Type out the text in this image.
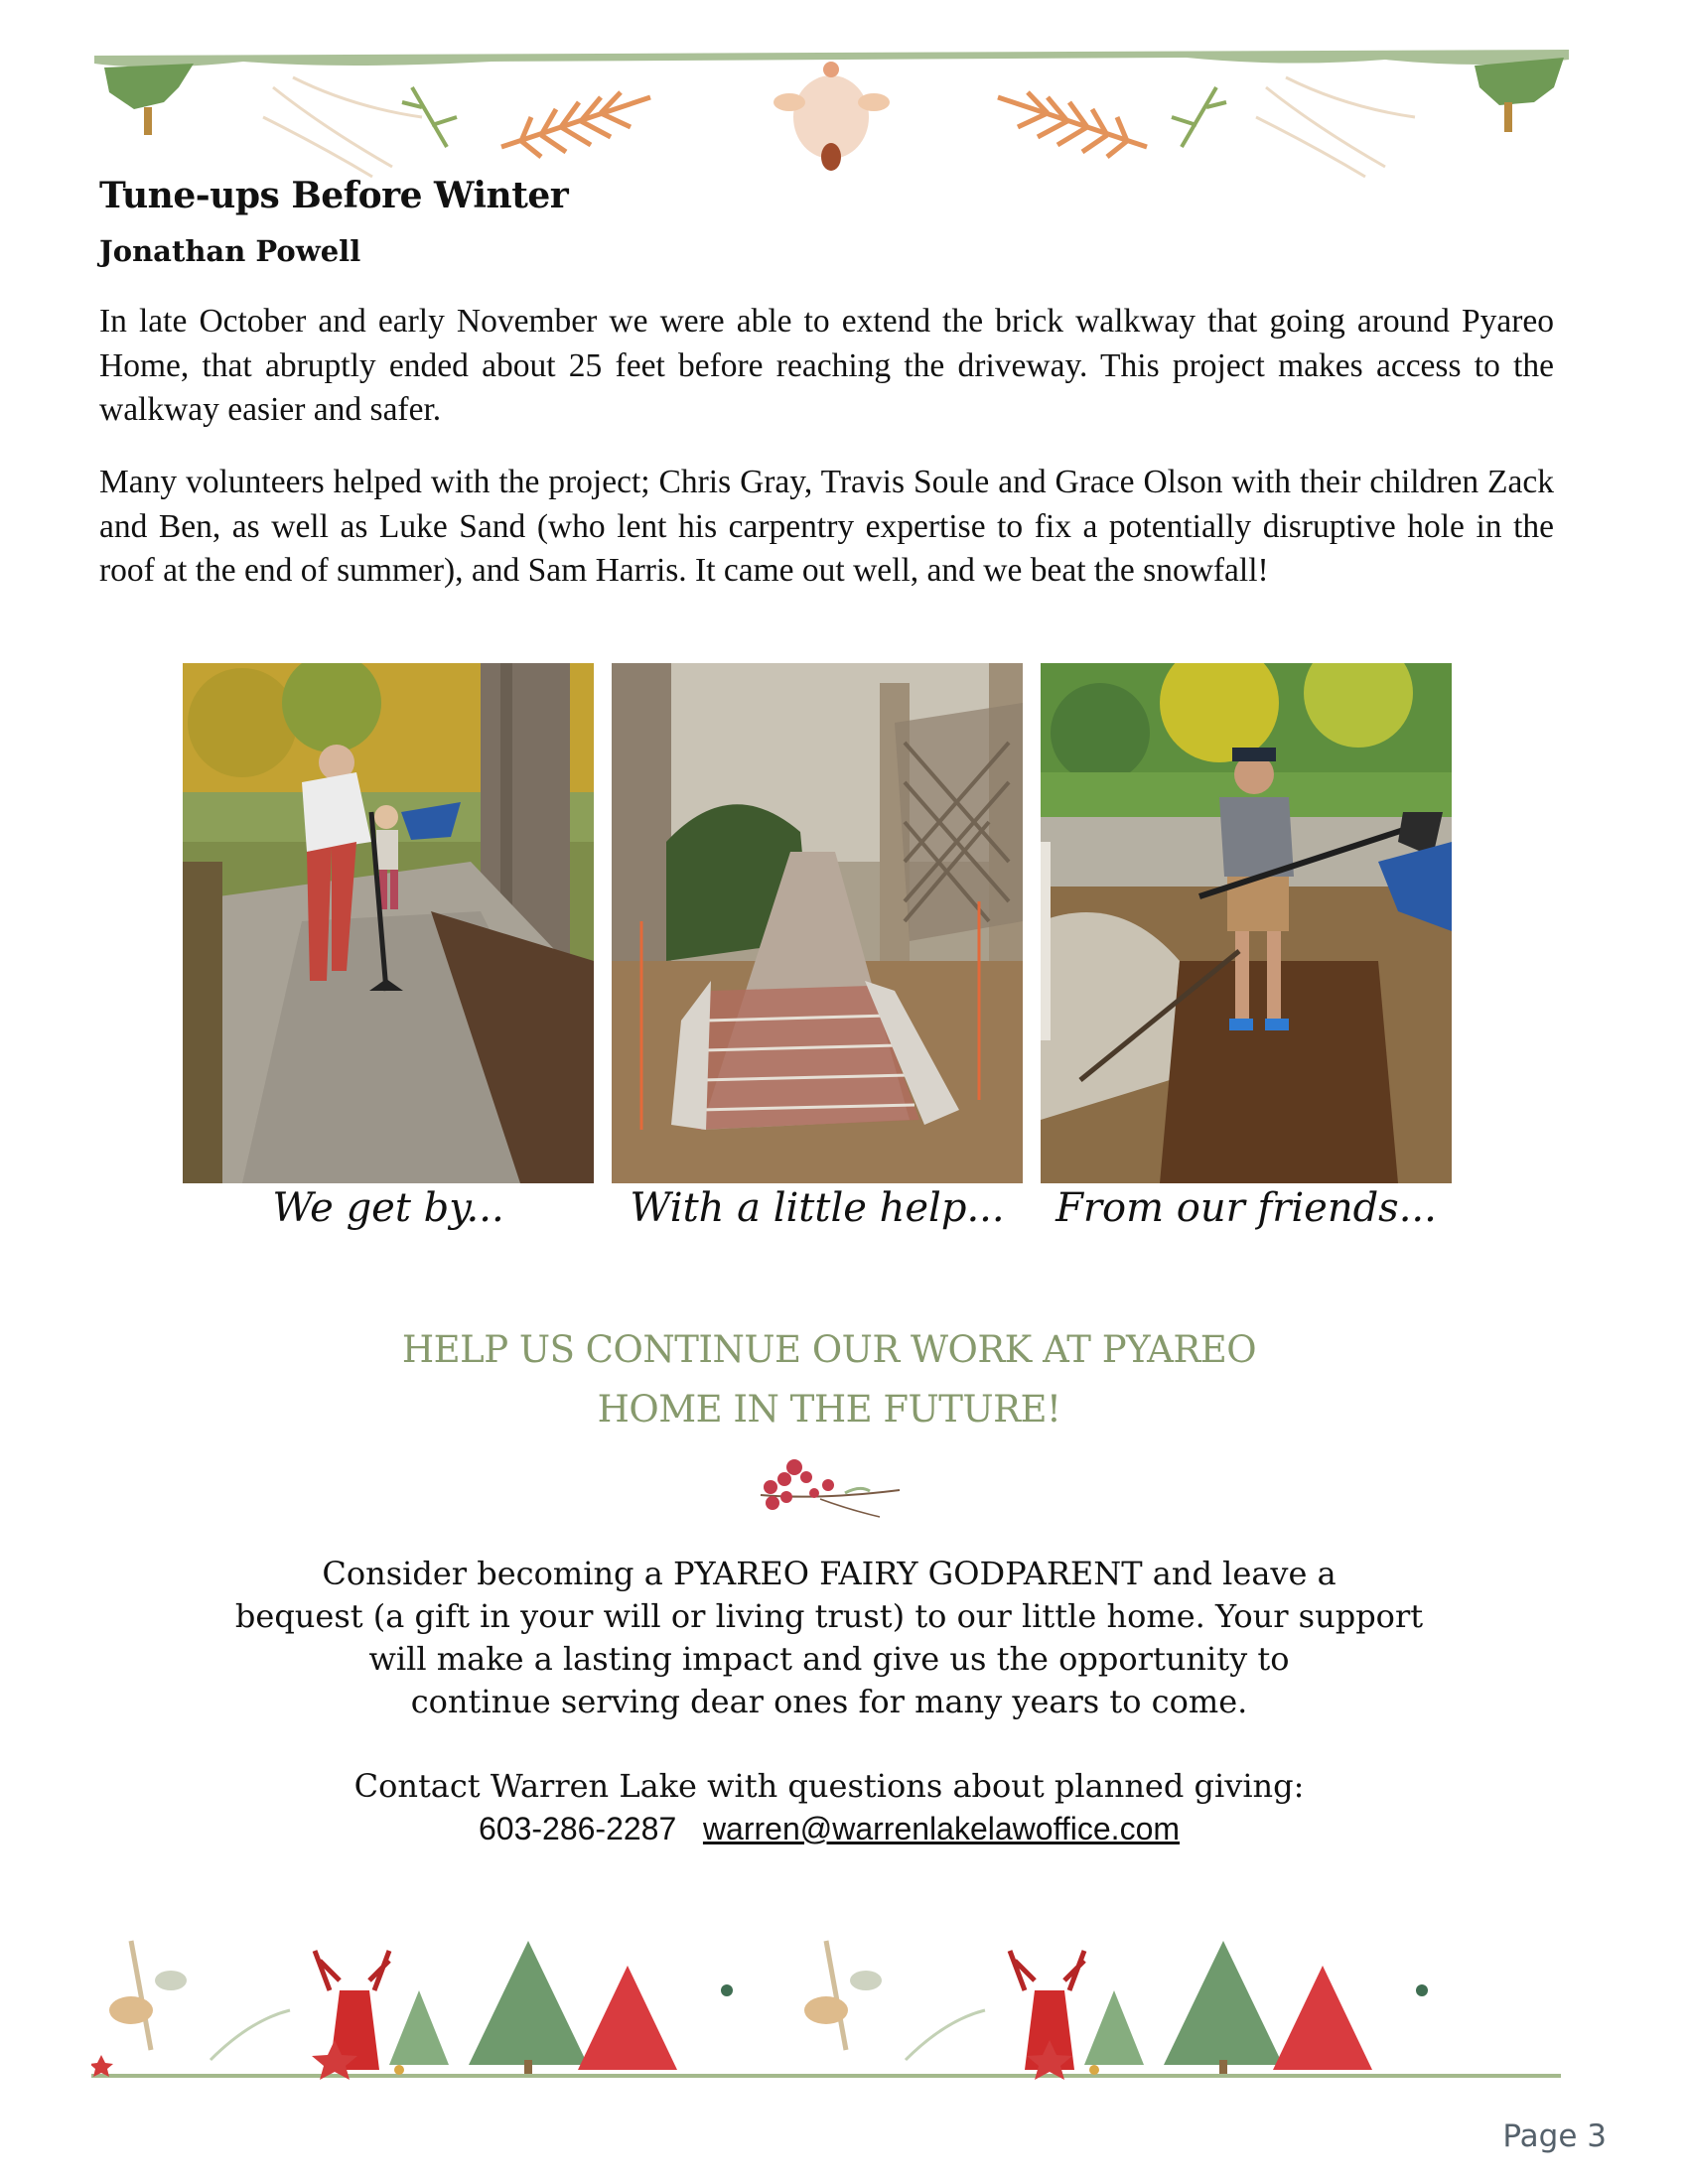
Tune-ups Before Winter
Jonathan Powell

In late October and early November we were able to extend the brick walkway that going around Pyareo Home, that abruptly ended about 25 feet before reaching the driveway. This project makes access to the walkway easier and safer.

Many volunteers helped with the project; Chris Gray, Travis Soule and Grace Olson with their children Zack and Ben, as well as Luke Sand (who lent his carpentry expertise to fix a potentially disruptive hole in the roof at the end of summer), and Sam Harris. It came out well, and we beat the snowfall!

We get by...	With a little help...	From our friends...
HELP US CONTINUE OUR WORK AT PYAREO
HOME IN THE FUTURE!

Consider becoming a PYAREO FAIRY GODPARENT and leave a
bequest (a gift in your will or living trust) to our little home. Your support
will make a lasting impact and give us the opportunity to
continue serving dear ones for many years to come.

Contact Warren Lake with questions about planned giving:
603-286-2287 warren@warrenlakelawoffice.com
Page 3
